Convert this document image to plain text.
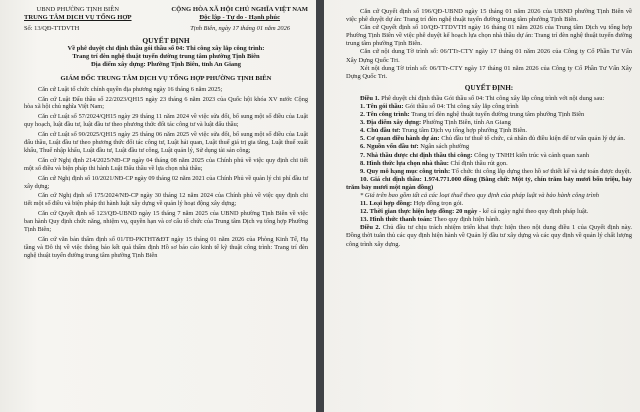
UBND PHƯỜNG TỊNH BIÊN
TRUNG TÂM DỊCH VỤ TỔNG HỢP
CỘNG HÒA XÃ HỘI CHỦ NGHĨA VIỆT NAM
Độc lập - Tự do - Hạnh phúc
Số: 13/QĐ-TTDVTH	Tịnh Biên, ngày 17 tháng 01 năm 2026
QUYẾT ĐỊNH
Về phê duyệt chỉ định thầu gói thầu số 04: Thi công xây lắp công trình:
Trang trí đèn nghệ thuật tuyến đường trung tâm phường Tịnh Biên
Địa điểm xây dựng: Phường Tịnh Biên, tỉnh An Giang
GIÁM ĐỐC TRUNG TÂM DỊCH VỤ TỔNG HỢP PHƯỜNG TỊNH BIÊN

Căn cứ Luật tổ chức chính quyền địa phương ngày 16 tháng 6 năm 2025;

Căn cứ Luật Đấu thầu số 22/2023/QH15 ngày 23 tháng 6 năm 2023 của Quốc hội khóa XV nước Cộng hòa xã hội chủ nghĩa Việt Nam;

Căn cứ Luật số 57/2024/QH15 ngày 29 tháng 11 năm 2024 về việc sửa đổi, bổ sung một số điều của Luật quy hoạch, luật đầu tư, luật đầu tư theo phương thức đối tác công tư và luật đấu thầu;

Căn cứ Luật số 90/2025/QH15 ngày 25 tháng 06 năm 2025 về việc sửa đổi, bổ sung một số điều của Luật đấu thầu, Luật đầu tư theo phương thức đối tác công tư, Luật hải quan, Luật thuế giá trị gia tăng, Luật thuế xuất khẩu, Thuế nhập khẩu, Luật đầu tư, Luật đầu tư công, Luật quản lý, Sử dụng tài sản công;

Căn cứ Nghị định 214/2025/NĐ-CP ngày 04 tháng 08 năm 2025 của Chính phủ về việc quy định chi tiết một số điều và biện pháp thi hành Luật Đấu thầu về lựa chọn nhà thầu;

Căn cứ Nghị định số 10/2021/NĐ-CP ngày 09 tháng 02 năm 2021 của Chính Phủ về quản lý chi phí đầu tư xây dựng;

Căn cứ Nghị định số 175/2024/NĐ-CP ngày 30 tháng 12 năm 2024 của Chính phủ về việc quy định chi tiết một số điều và biện pháp thi hành luật xây dựng về quản lý hoạt động xây dựng;

Căn cứ Quyết định số 123/QĐ-UBND ngày 15 tháng 7 năm 2025 của UBND phường Tịnh Biên về việc ban hành Quy định chức năng, nhiệm vụ, quyền hạn và cơ cấu tổ chức của Trung tâm Dịch vụ tổng hợp Phường Tịnh Biên;

Căn cứ văn bản thẩm định số 01/TĐ-PKTHT&ĐT ngày 15 tháng 01 năm 2026 của Phòng Kinh Tế, Hạ tầng và Đô thị về việc thông báo kết quả thẩm định Hồ sơ báo cáo kinh tế kỹ thuật công trình: Trang trí đèn nghệ thuật tuyến đường trung tâm phường Tịnh Biên

Căn cứ Quyết định số 196/QĐ-UBND ngày 15 tháng 01 năm 2026 của UBND phường Tịnh Biên về việc phê duyệt dự án: Trang trí đèn nghệ thuật tuyến đường trung tâm phường Tịnh Biên.

Căn cứ Quyết định số 10/QĐ-TTDVTH ngày 16 tháng 01 năm 2026 của Trung tâm Dịch vụ tổng hợp Phường Tịnh Biên về việc phê duyệt kế hoạch lựa chọn nhà thầu dự án: Trang trí đèn nghệ thuật tuyến đường trung tâm phường Tịnh Biên.

Căn cứ nội dung Tờ trình số: 06/TTr-CTY ngày 17 tháng 01 năm 2026 của Công ty Cổ Phần Tư Vấn Xây Dựng Quốc Tri.

Xét nội dung Tờ trình số: 06/TTr-CTY ngày 17 tháng 01 năm 2026 của Công ty Cổ Phần Tư Vấn Xây Dựng Quốc Tri.

QUYẾT ĐỊNH:

Điều 1. Phê duyệt chỉ định thầu Gói thầu số 04: Thi công xây lắp công trình với nội dung sau:

1. Tên gói thầu: Gói thầu số 04: Thi công xây lắp công trình

2. Tên công trình: Trang trí đèn nghệ thuật tuyến đường trung tâm phường Tịnh Biên

3. Địa điểm xây dựng: Phường Tịnh Biên, tỉnh An Giang

4. Chủ đầu tư: Trung tâm Dịch vụ tổng hợp phường Tịnh Biên.

5. Cơ quan điều hành dự án: Chủ đầu tư thuê tổ chức, cá nhân đủ điều kiện để tư vấn quản lý dự án.

6. Nguồn vốn đầu tư: Ngân sách phường

7. Nhà thầu được chỉ định thầu thi công: Công ty TNHH kiến trúc và cảnh quan xanh

8. Hình thức lựa chọn nhà thầu: Chỉ định thầu rút gọn.

9. Quy mô hạng mục công trình: Tổ chức thi công lắp dựng theo hồ sơ thiết kế và dự toán được duyệt.

10. Giá chỉ định thầu: 1.974.771.000 đồng (Bằng chữ: Một tỷ, chín trăm bảy mươi bốn triệu, bảy trăm bảy mươi một ngàn đồng)

* Giá trên bao gồm tất cả các loại thuế theo quy định của pháp luật và bảo hành công trình

11. Loại hợp đồng: Hợp đồng trọn gói.

12. Thời gian thực hiện hợp đồng: 20 ngày - kể cả ngày nghỉ theo quy định pháp luật.

13. Hình thức thanh toán: Theo quy định hiện hành.

Điều 2. Chủ đầu tư chịu trách nhiệm triển khai thực hiện theo nội dung điều 1 của Quyết định này. Đồng thời tuân thủ các quy định hiện hành về Quản lý đầu tư xây dựng và các quy định về quản lý chất lượng công trình xây dựng.
